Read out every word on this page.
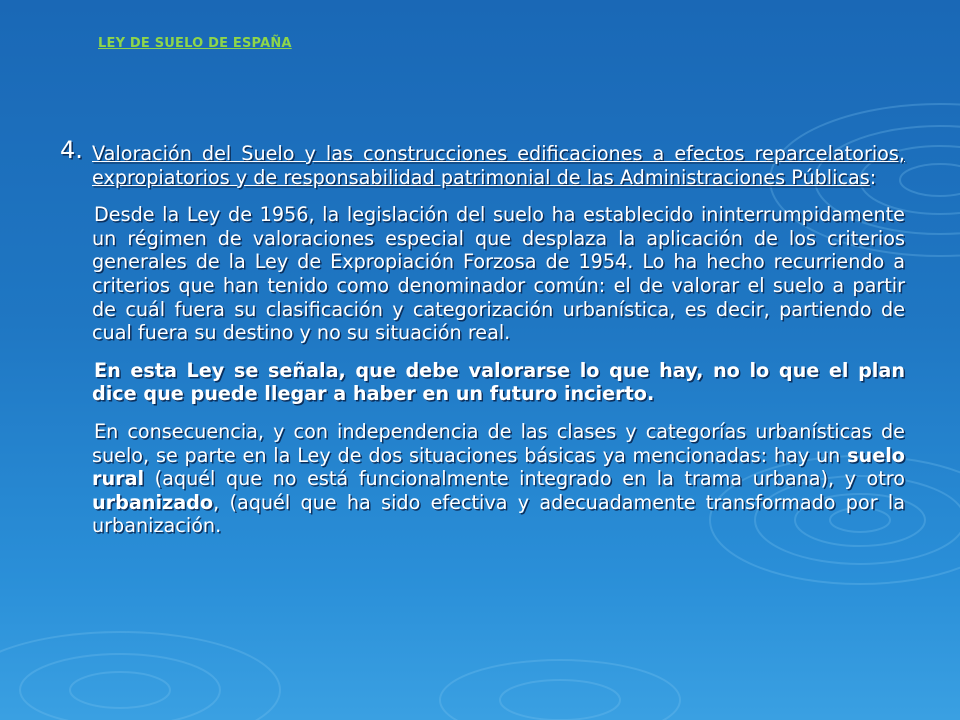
LEY DE SUELO DE ESPAÑA

4. Valoración del Suelo y las construcciones edificaciones a efectos reparcelatorios, expropiatorios y de responsabilidad patrimonial de las Administraciones Públicas:

Desde la Ley de 1956, la legislación del suelo ha establecido ininterrumpidamente un régimen de valoraciones especial que desplaza la aplicación de los criterios generales de la Ley de Expropiación Forzosa de 1954. Lo ha hecho recurriendo a criterios que han tenido como denominador común: el de valorar el suelo a partir de cuál fuera su clasificación y categorización urbanística, es decir, partiendo de cual fuera su destino y no su situación real.

En esta Ley se señala, que debe valorarse lo que hay, no lo que el plan dice que puede llegar a haber en un futuro incierto.

En consecuencia, y con independencia de las clases y categorías urbanísticas de suelo, se parte en la Ley de dos situaciones básicas ya mencionadas: hay un suelo rural (aquél que no está funcionalmente integrado en la trama urbana), y otro urbanizado, (aquél que ha sido efectiva y adecuadamente transformado por la urbanización.
